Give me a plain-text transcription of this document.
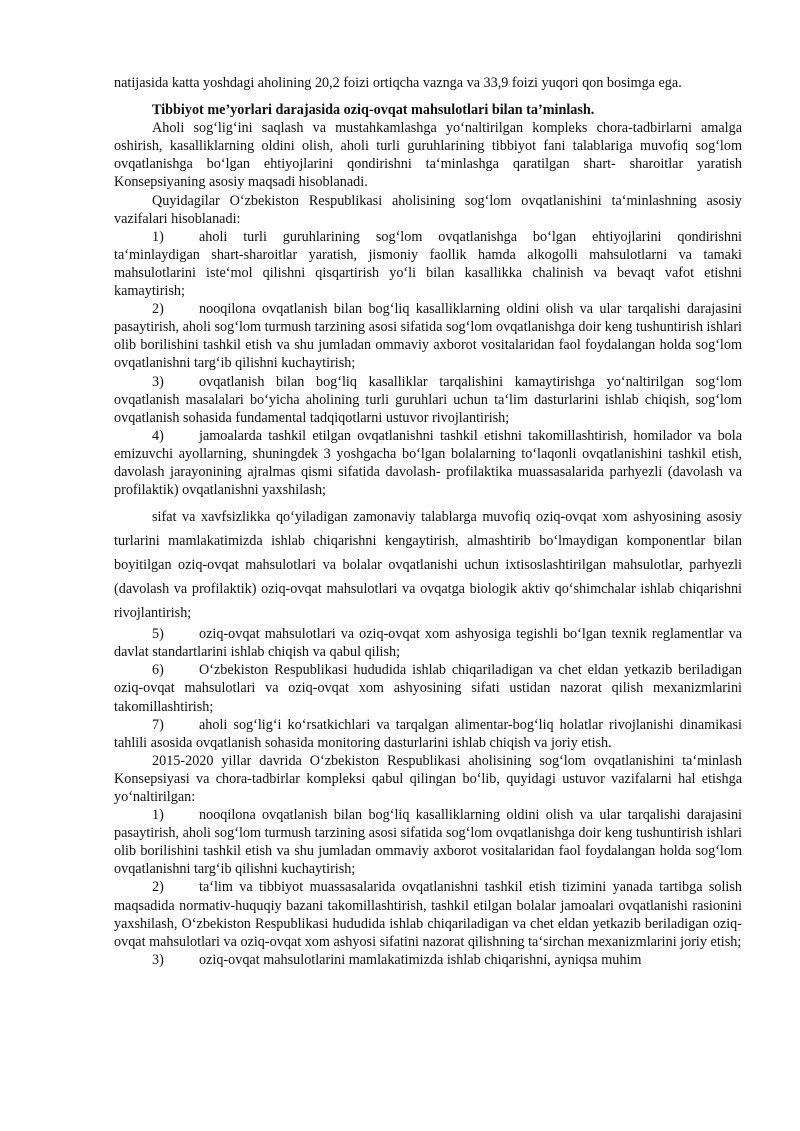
natijasida katta yoshdagi aholining 20,2 foizi ortiqcha vaznga va 33,9 foizi yuqori qon bosimga ega.

Tibbiyot me’yorlari darajasida oziq-ovqat mahsulotlari bilan ta’minlash.

Aholi sog‘lig‘ini saqlash va mustahkamlashga yo‘naltirilgan kompleks chora-tadbirlarni amalga oshirish, kasalliklarning oldini olish, aholi turli guruhlarining tibbiyot fani talablariga muvofiq sog‘lom ovqatlanishga bo‘lgan ehtiyojlarini qondirishni ta‘minlashga qaratilgan shart- sharoitlar yaratish Konsepsiyaning asosiy maqsadi hisoblanadi.

Quyidagilar O‘zbekiston Respublikasi aholisining sog‘lom ovqatlanishini ta‘minlashning asosiy vazifalari hisoblanadi:

1) aholi turli guruhlarining sog‘lom ovqatlanishga bo‘lgan ehtiyojlarini qondirishni ta‘minlaydigan shart-sharoitlar yaratish, jismoniy faollik hamda alkogolli mahsulotlarni va tamaki mahsulotlarini iste‘mol qilishni qisqartirish yo‘li bilan kasallikka chalinish va bevaqt vafot etishni kamaytirish;

2) nooqilona ovqatlanish bilan bog‘liq kasalliklarning oldini olish va ular tarqalishi darajasini pasaytirish, aholi sog‘lom turmush tarzining asosi sifatida sog‘lom ovqatlanishga doir keng tushuntirish ishlari olib borilishini tashkil etish va shu jumladan ommaviy axborot vositalaridan faol foydalangan holda sog‘lom ovqatlanishni targ‘ib qilishni kuchaytirish;

3) ovqatlanish bilan bog‘liq kasalliklar tarqalishini kamaytirishga yo‘naltirilgan sog‘lom ovqatlanish masalalari bo‘yicha aholining turli guruhlari uchun ta‘lim dasturlarini ishlab chiqish, sog‘lom ovqatlanish sohasida fundamental tadqiqotlarni ustuvor rivojlantirish;

4) jamoalarda tashkil etilgan ovqatlanishni tashkil etishni takomillashtirish, homilador va bola emizuvchi ayollarning, shuningdek 3 yoshgacha bo‘lgan bolalarning to‘laqonli ovqatlanishini tashkil etish, davolash jarayonining ajralmas qismi sifatida davolash- profilaktika muassasalarida parhyezli (davolash va profilaktik) ovqatlanishni yaxshilash;

sifat va xavfsizlikka qo‘yiladigan zamonaviy talablarga muvofiq oziq-ovqat xom ashyosining asosiy turlarini mamlakatimizda ishlab chiqarishni kengaytirish, almashtirib bo‘lmaydigan komponentlar bilan boyitilgan oziq-ovqat mahsulotlari va bolalar ovqatlanishi uchun ixtisoslashtirilgan mahsulotlar, parhyezli (davolash va profilaktik) oziq-ovqat mahsulotlari va ovqatga biologik aktiv qo‘shimchalar ishlab chiqarishni rivojlantirish;

5) oziq-ovqat mahsulotlari va oziq-ovqat xom ashyosiga tegishli bo‘lgan texnik reglamentlar va davlat standartlarini ishlab chiqish va qabul qilish;

6) O‘zbekiston Respublikasi hududida ishlab chiqariladigan va chet eldan yetkazib beriladigan oziq-ovqat mahsulotlari va oziq-ovqat xom ashyosining sifati ustidan nazorat qilish mexanizmlarini takomillashtirish;

7) aholi sog‘lig‘i ko‘rsatkichlari va tarqalgan alimentar-bog‘liq holatlar rivojlanishi dinamikasi tahlili asosida ovqatlanish sohasida monitoring dasturlarini ishlab chiqish va joriy etish.

2015-2020 yillar davrida O‘zbekiston Respublikasi aholisining sog‘lom ovqatlanishini ta‘minlash Konsepsiyasi va chora-tadbirlar kompleksi qabul qilingan bo‘lib, quyidagi ustuvor vazifalarni hal etishga yo‘naltirilgan:

1) nooqilona ovqatlanish bilan bog‘liq kasalliklarning oldini olish va ular tarqalishi darajasini pasaytirish, aholi sog‘lom turmush tarzining asosi sifatida sog‘lom ovqatlanishga doir keng tushuntirish ishlari olib borilishini tashkil etish va shu jumladan ommaviy axborot vositalaridan faol foydalangan holda sog‘lom ovqatlanishni targ‘ib qilishni kuchaytirish;

2) ta‘lim va tibbiyot muassasalarida ovqatlanishni tashkil etish tizimini yanada tartibga solish maqsadida normativ-huquqiy bazani takomillashtirish, tashkil etilgan bolalar jamoalari ovqatlanishi rasionini yaxshilash, O‘zbekiston Respublikasi hududida ishlab chiqariladigan va chet eldan yetkazib beriladigan oziq-ovqat mahsulotlari va oziq-ovqat xom ashyosi sifatini nazorat qilishning ta‘sirchan mexanizmlarini joriy etish;

3) oziq-ovqat mahsulotlarini mamlakatimizda ishlab chiqarishni, ayniqsa muhim
